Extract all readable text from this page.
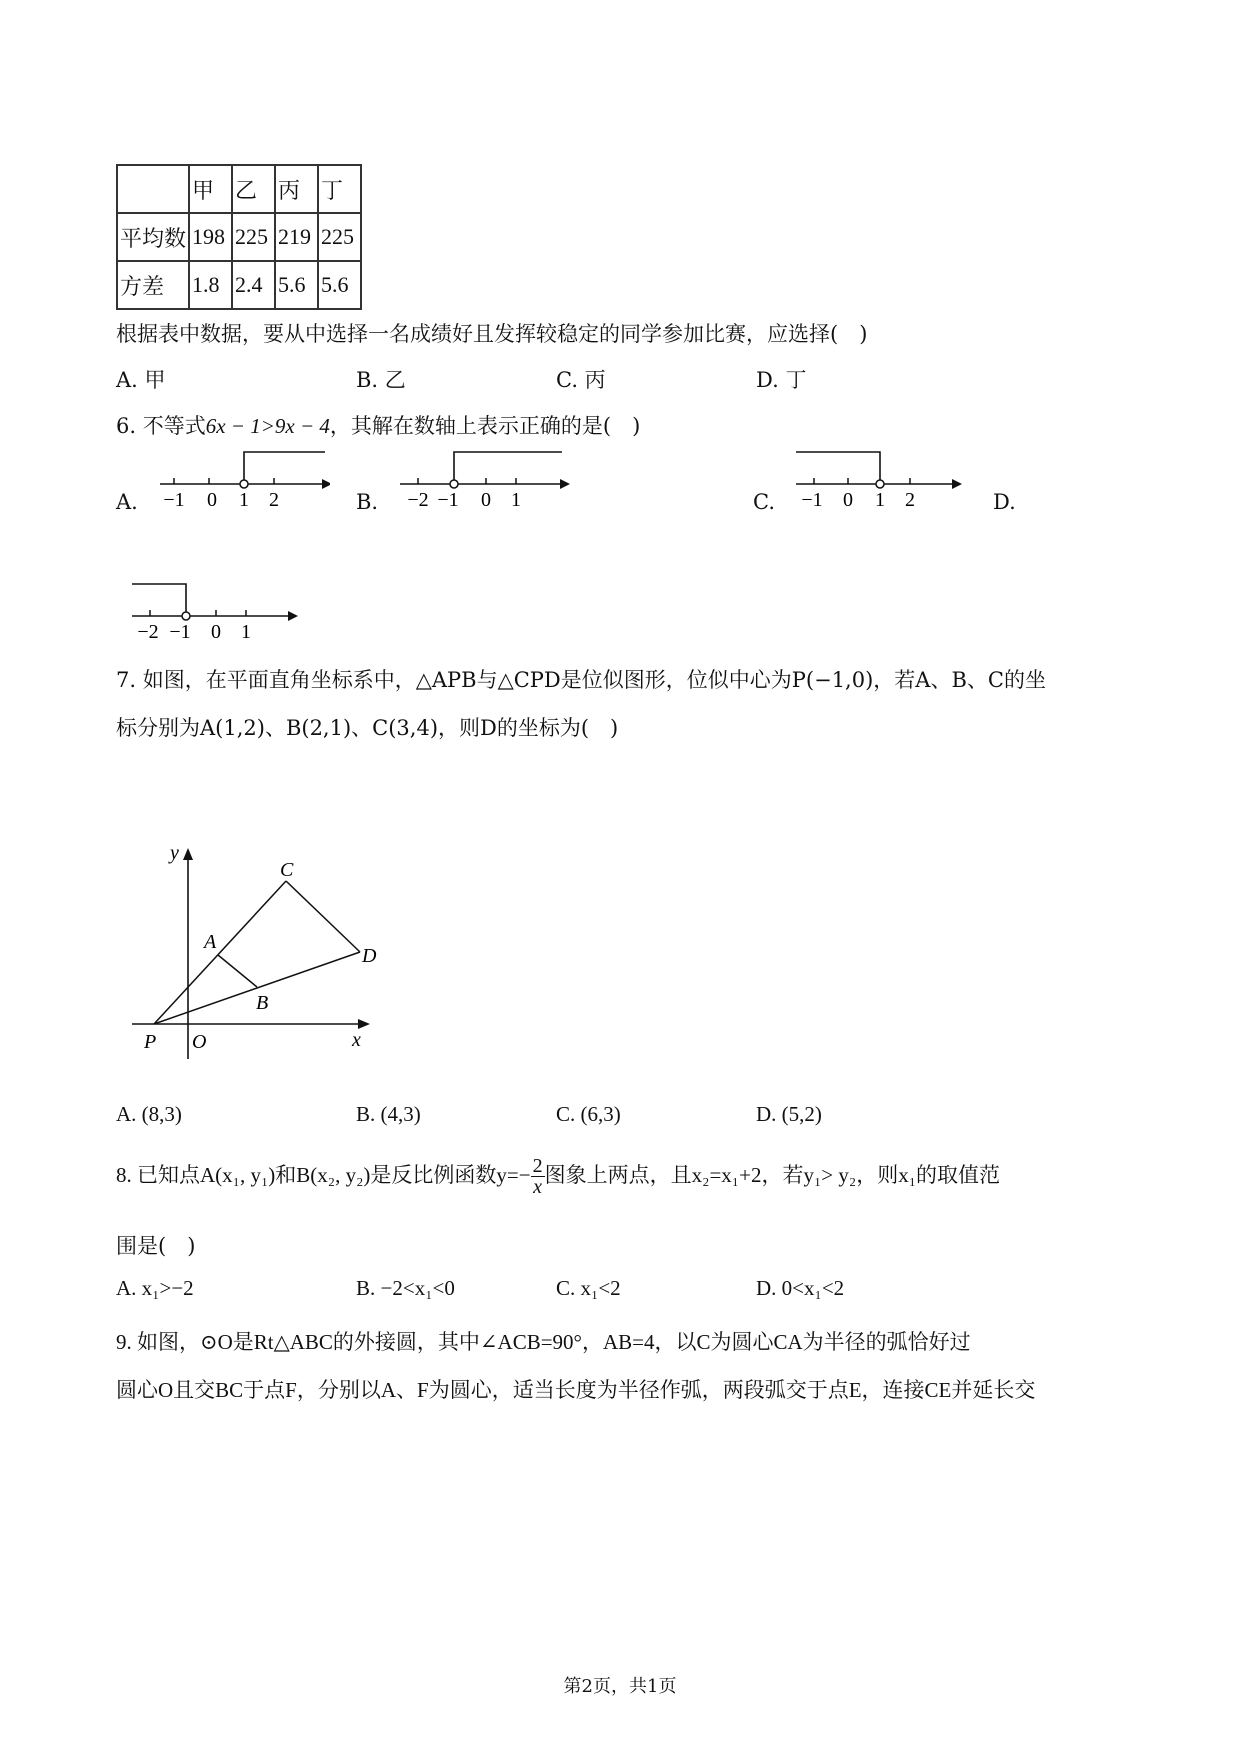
	甲	乙	丙	丁
平均数	198	225	219	225
方差	1.8	2.4	5.6	5.6
根据表中数据，要从中选择一名成绩好且发挥较稳定的同学参加比赛，应选择(　)
A. 甲	B. 乙	C. 丙	D. 丁
6. 不等式6x − 1>9x − 4，其解在数轴上表示正确的是(　)
A.	B.	C.	D.
−1 0 1 2	−2 −1 0 1	−1 0 1 2
−2 −1 0 1
7. 如图，在平面直角坐标系中，△APB与△CPD是位似图形，位似中心为P(−1,0)，若A、B、C的坐
标分别为A(1,2)、B(2,1)、C(3,4)，则D的坐标为(　)
y
x
O
P
A
B
C
D
A. (8,3)	B. (4,3)	C. (6,3)	D. (5,2)
8. 已知点A(x₁, y₁)和B(x₂, y₂)是反比例函数$y=- \frac{2}{x}$ 图象上两点，且x₂=x₁+2，若y₁> y₂，则x₁的取值范
围是(　)
A. x₁>−2	B. −2<x₁<0	C. x₁<2	D. 0<x₁<2
9. 如图，⊙O是Rt△ABC的外接圆，其中∠ACB=90°，AB=4，以C为圆心CA为半径的弧恰好过
圆心O且交BC于点F，分别以A、F为圆心，适当长度为半径作弧，两段弧交于点E，连接CE并延长交
第2页，共1页
